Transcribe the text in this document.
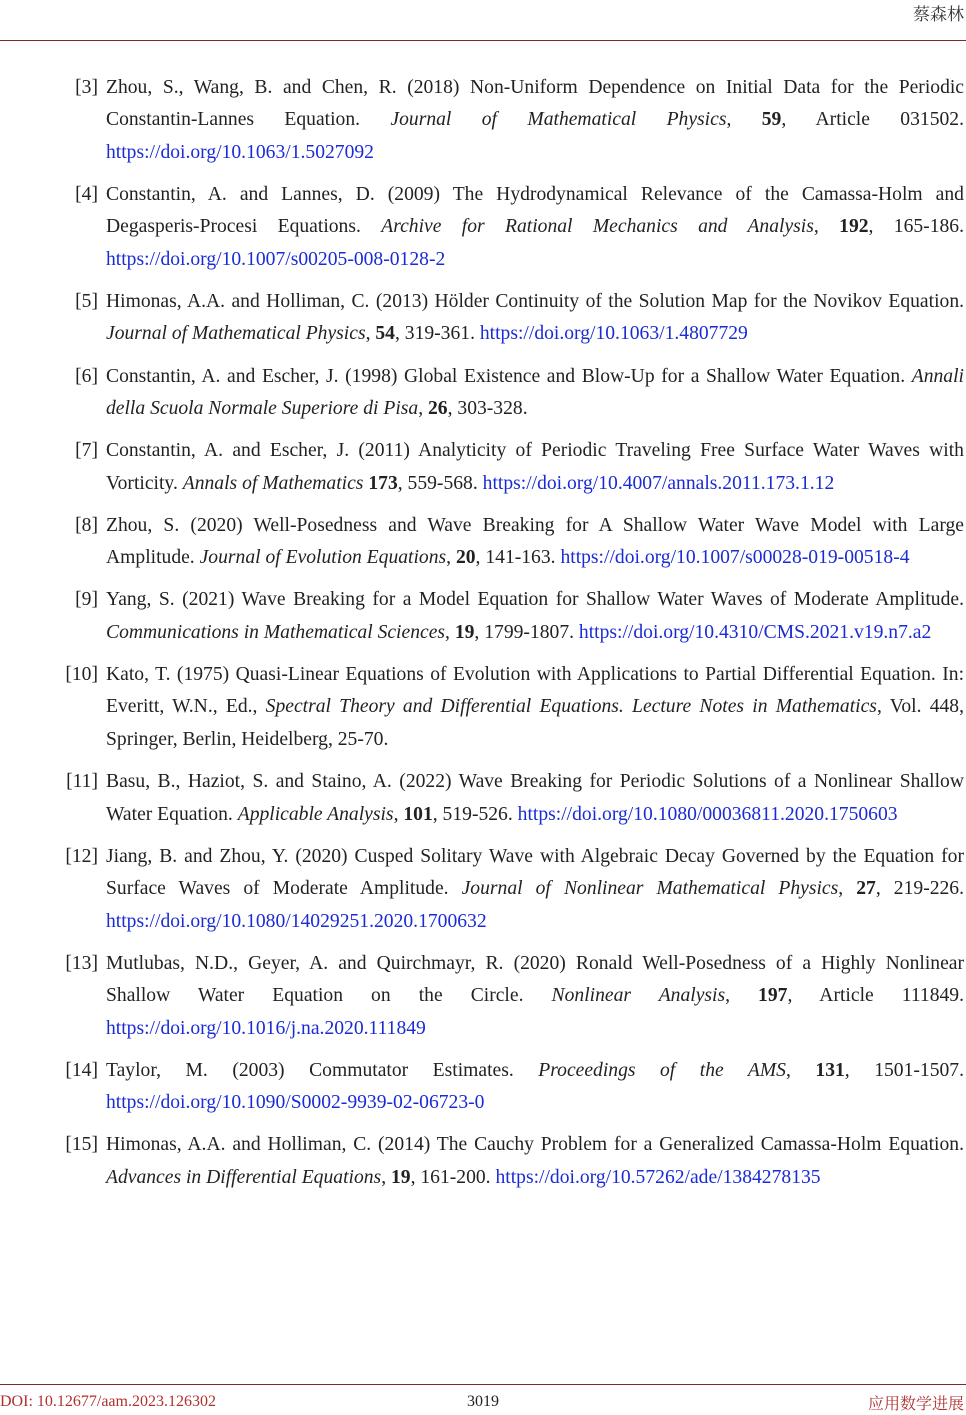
蔡森林
[3] Zhou, S., Wang, B. and Chen, R. (2018) Non-Uniform Dependence on Initial Data for the Periodic Constantin-Lannes Equation. Journal of Mathematical Physics, 59, Article 031502. https://doi.org/10.1063/1.5027092
[4] Constantin, A. and Lannes, D. (2009) The Hydrodynamical Relevance of the Camassa-Holm and Degasperis-Procesi Equations. Archive for Rational Mechanics and Analysis, 192, 165-186. https://doi.org/10.1007/s00205-008-0128-2
[5] Himonas, A.A. and Holliman, C. (2013) Hölder Continuity of the Solution Map for the Novikov Equation. Journal of Mathematical Physics, 54, 319-361. https://doi.org/10.1063/1.4807729
[6] Constantin, A. and Escher, J. (1998) Global Existence and Blow-Up for a Shallow Water Equation. Annali della Scuola Normale Superiore di Pisa, 26, 303-328.
[7] Constantin, A. and Escher, J. (2011) Analyticity of Periodic Traveling Free Surface Water Waves with Vorticity. Annals of Mathematics 173, 559-568. https://doi.org/10.4007/annals.2011.173.1.12
[8] Zhou, S. (2020) Well-Posedness and Wave Breaking for A Shallow Water Wave Model with Large Amplitude. Journal of Evolution Equations, 20, 141-163. https://doi.org/10.1007/s00028-019-00518-4
[9] Yang, S. (2021) Wave Breaking for a Model Equation for Shallow Water Waves of Moderate Amplitude. Communications in Mathematical Sciences, 19, 1799-1807. https://doi.org/10.4310/CMS.2021.v19.n7.a2
[10] Kato, T. (1975) Quasi-Linear Equations of Evolution with Applications to Partial Differential Equation. In: Everitt, W.N., Ed., Spectral Theory and Differential Equations. Lecture Notes in Mathematics, Vol. 448, Springer, Berlin, Heidelberg, 25-70.
[11] Basu, B., Haziot, S. and Staino, A. (2022) Wave Breaking for Periodic Solutions of a Nonlinear Shallow Water Equation. Applicable Analysis, 101, 519-526. https://doi.org/10.1080/00036811.2020.1750603
[12] Jiang, B. and Zhou, Y. (2020) Cusped Solitary Wave with Algebraic Decay Governed by the Equation for Surface Waves of Moderate Amplitude. Journal of Nonlinear Mathematical Physics, 27, 219-226. https://doi.org/10.1080/14029251.2020.1700632
[13] Mutlubas, N.D., Geyer, A. and Quirchmayr, R. (2020) Ronald Well-Posedness of a Highly Nonlinear Shallow Water Equation on the Circle. Nonlinear Analysis, 197, Article 111849. https://doi.org/10.1016/j.na.2020.111849
[14] Taylor, M. (2003) Commutator Estimates. Proceedings of the AMS, 131, 1501-1507. https://doi.org/10.1090/S0002-9939-02-06723-0
[15] Himonas, A.A. and Holliman, C. (2014) The Cauchy Problem for a Generalized Camassa-Holm Equation. Advances in Differential Equations, 19, 161-200. https://doi.org/10.57262/ade/1384278135
DOI: 10.12677/aam.2023.126302	3019	应用数学进展
